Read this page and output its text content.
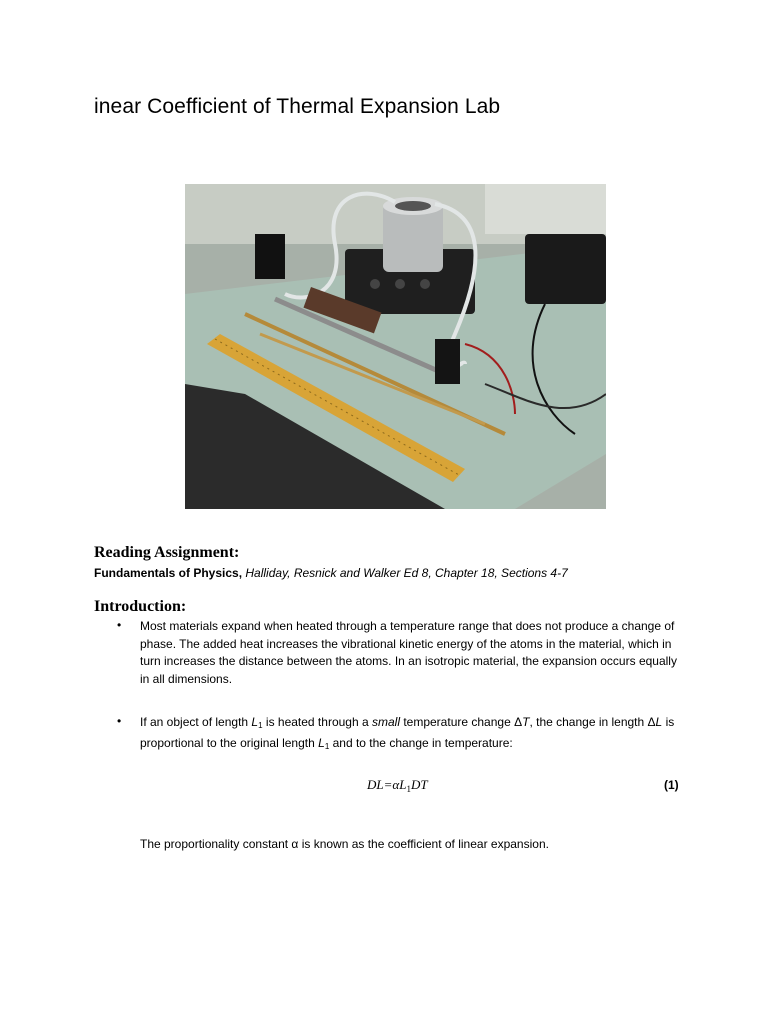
inear Coefficient of Thermal Expansion Lab
Reading Assignment:
Fundamentals of Physics, Halliday, Resnick and Walker Ed 8, Chapter 18, Sections 4-7
Introduction:
• Most materials expand when heated through a temperature range that does not produce a change of phase. The added heat increases the vibrational kinetic energy of the atoms in the material, which in turn increases the distance between the atoms. In an isotropic material, the expansion occurs equally in all dimensions.
• If an object of length $L_1$ is heated through a small temperature change ΔT, the change in length ΔL is proportional to the original length $L_1$ and to the change in temperature:
$DL=\alpha L_1DT$	(1)
The proportionality constant α is known as the coefficient of linear expansion.
